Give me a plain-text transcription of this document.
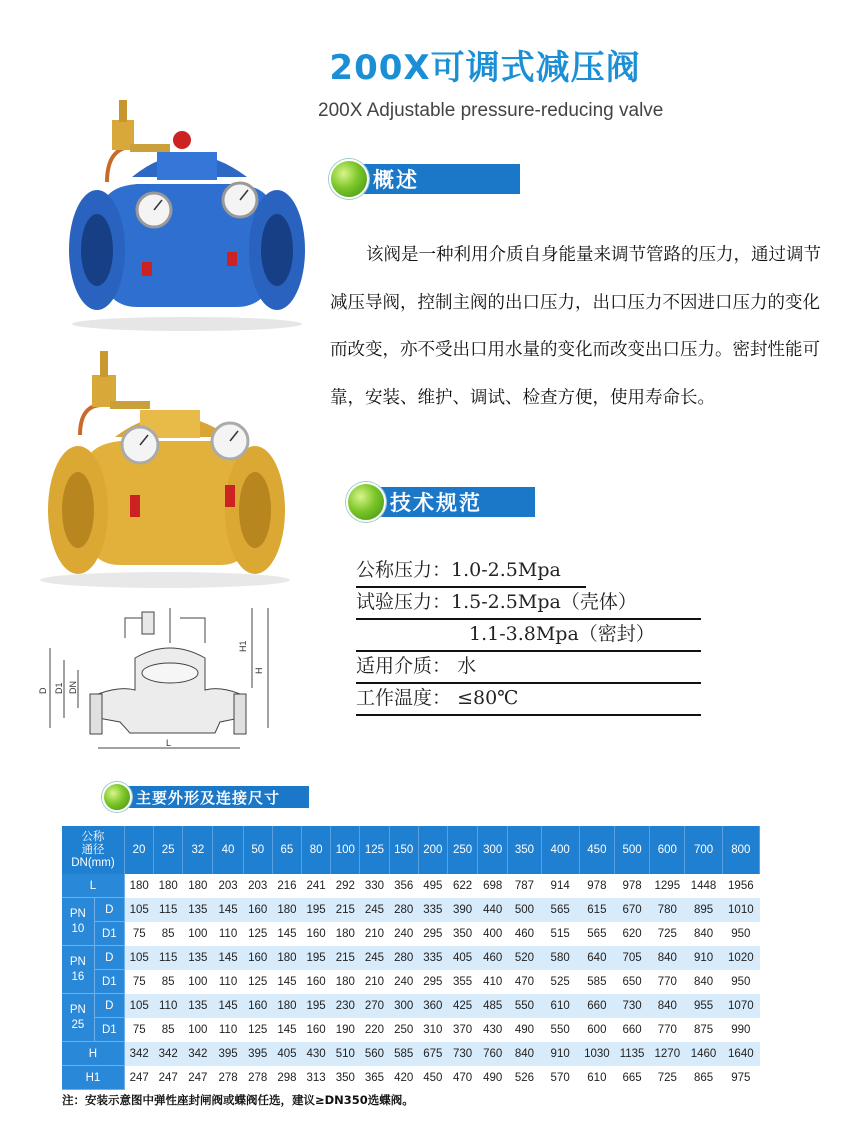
200X可调式减压阀
200X Adjustable pressure-reducing valve
D D1 DN
L
H1
H
概述

该阀是一种利用介质自身能量来调节管路的压力，通过调节减压导阀，控制主阀的出口压力，出口压力不因进口压力的变化而改变，亦不受出口用水量的变化而改变出口压力。密封性能可靠，安装、维护、调试、检查方便，使用寿命长。

技术规范
公称压力：1.0-2.5Mpa
试验压力：1.5-2.5Mpa（壳体）
1.1-3.8Mpa（密封）
适用介质： 水
工作温度： ≤80℃
主要外形及连接尺寸
公称
通径
DN(mm)		20	25	32	40	50	65	80	100	125	150	200	250	300	350	400	450	500	600	700	800
L		180	180	180	203	203	216	241	292	330	356	495	622	698	787	914	978	978	1295	1448	1956
PN 10	D	105	115	135	145	160	180	195	215	245	280	335	390	440	500	565	615	670	780	895	1010
	D1	75	85	100	110	125	145	160	180	210	240	295	350	400	460	515	565	620	725	840	950
PN 16	D	105	115	135	145	160	180	195	215	245	280	335	405	460	520	580	640	705	840	910	1020
	D1	75	85	100	110	125	145	160	180	210	240	295	355	410	470	525	585	650	770	840	950
PN 25	D	105	110	135	145	160	180	195	230	270	300	360	425	485	550	610	660	730	840	955	1070
	D1	75	85	100	110	125	145	160	190	220	250	310	370	430	490	550	600	660	770	875	990
H		342	342	342	395	395	405	430	510	560	585	675	730	760	840	910	1030	1135	1270	1460	1640
H1		247	247	247	278	278	298	313	350	365	420	450	470	490	526	570	610	665	725	865	975
注：安装示意图中弹性座封闸阀或蝶阀任选，建议≥DN350选蝶阀。
